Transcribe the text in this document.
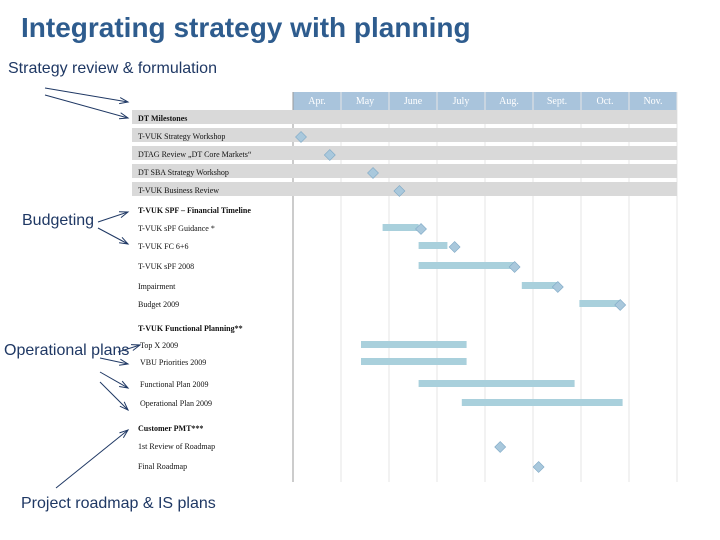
Integrating strategy with planning
Apr.	May	June	July	Aug.	Sept.	Oct.	Nov.
DT Milestones
T-VUK Strategy Workshop
DTAG Review „DT Core Markets“
DT SBA Strategy Workshop
T-VUK Business Review
T-VUK SPF – Financial Timeline
T-VUK sPF Guidance *
T-VUK FC 6+6
T-VUK sPF 2008
Impairment
Budget 2009
T-VUK Functional Planning**
Top X 2009
VBU Priorities 2009
Functional Plan 2009
Operational Plan 2009
Customer PMT***
1st Review of Roadmap
Final Roadmap
Strategy review & formulation
Budgeting
Operational plans
Project roadmap & IS plans
